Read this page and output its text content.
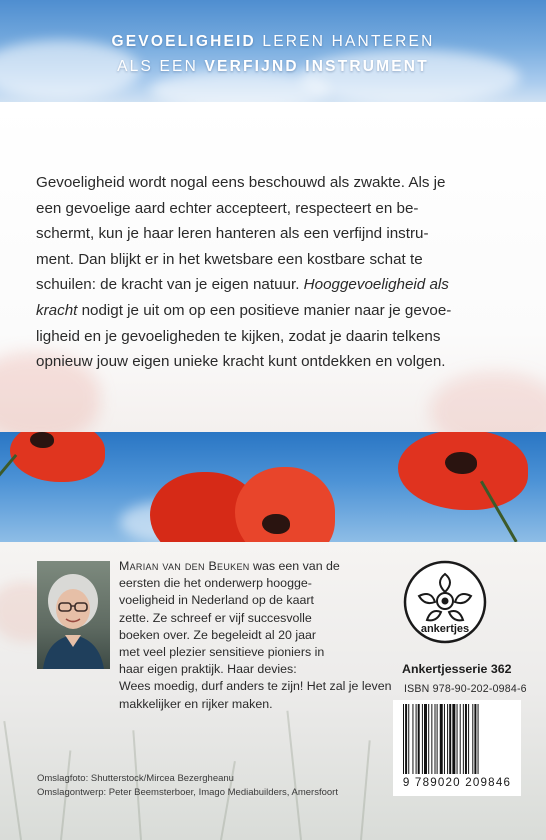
GEVOELIGHEID LEREN HANTEREN
ALS EEN VERFIJND INSTRUMENT

Gevoeligheid wordt nogal eens beschouwd als zwakte. Als je
een gevoelige aard echter accepteert, respecteert en be-
schermt, kun je haar leren hanteren als een verfijnd instru-
ment. Dan blijkt er in het kwetsbare een kostbare schat te
schuilen: de kracht van je eigen natuur. Hooggevoeligheid als
kracht nodigt je uit om op een positieve manier naar je gevoe-
ligheid en je gevoeligheden te kijken, zodat je daarin telkens
opnieuw jouw eigen unieke kracht kunt ontdekken en volgen.

Marian van den Beuken was een van de
eersten die het onderwerp hoogge-
voeligheid in Nederland op de kaart
zette. Ze schreef er vijf succesvolle
boeken over. Ze begeleidt al 20 jaar
met veel plezier sensitieve pioniers in
haar eigen praktijk. Haar devies:
Wees moedig, durf anders te zijn! Het zal je leven
makkelijker en rijker maken.
ankertjes
Ankertjesserie 362
ISBN 978-90-202-0984-6
9 789020 209846
Omslagfoto: Shutterstock/Mircea Bezergheanu
Omslagontwerp: Peter Beemsterboer, Imago Mediabuilders, Amersfoort
